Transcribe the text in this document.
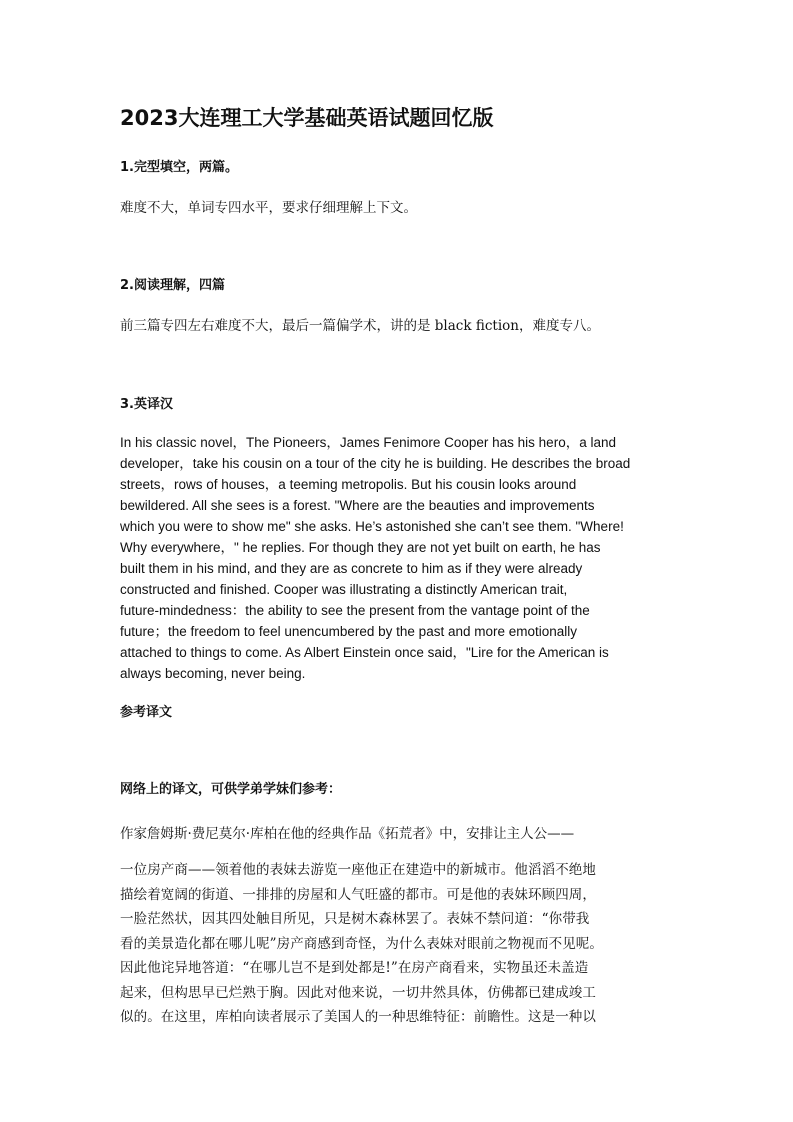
2023大连理工大学基础英语试题回忆版
1.完型填空，两篇。
难度不大，单词专四水平，要求仔细理解上下文。
2.阅读理解，四篇
前三篇专四左右难度不大，最后一篇偏学术，讲的是 black fiction，难度专八。
3.英译汉
In his classic novel，The Pioneers，James Fenimore Cooper has his hero，a land
developer，take his cousin on a tour of the city he is building. He describes the broad
streets，rows of houses，a teeming metropolis. But his cousin looks around
bewildered. All she sees is a forest. "Where are the beauties and improvements
which you were to show me" she asks. He’s astonished she can’t see them. "Where!
Why everywhere，" he replies. For though they are not yet built on earth, he has
built them in his mind, and they are as concrete to him as if they were already
constructed and finished. Cooper was illustrating a distinctly American trait,
future-mindedness：the ability to see the present from the vantage point of the
future；the freedom to feel unencumbered by the past and more emotionally
attached to things to come. As Albert Einstein once said，"Lire for the American is
always becoming, never being.
参考译文
网络上的译文，可供学弟学妹们参考：
作家詹姆斯·费尼莫尔·库柏在他的经典作品《拓荒者》中，安排让主人公——
一位房产商——领着他的表妹去游览一座他正在建造中的新城市。他滔滔不绝地
描绘着宽阔的街道、一排排的房屋和人气旺盛的都市。可是他的表妹环顾四周，
一脸茫然状，因其四处触目所见，只是树木森林罢了。表妹不禁问道：“你带我
看的美景造化都在哪儿呢”房产商感到奇怪，为什么表妹对眼前之物视而不见呢。
因此他诧异地答道：“在哪儿岂不是到处都是!”在房产商看来，实物虽还未盖造
起来，但构思早已烂熟于胸。因此对他来说，一切井然具体，仿佛都已建成竣工
似的。在这里，库柏向读者展示了美国人的一种思维特征：前瞻性。这是一种以
